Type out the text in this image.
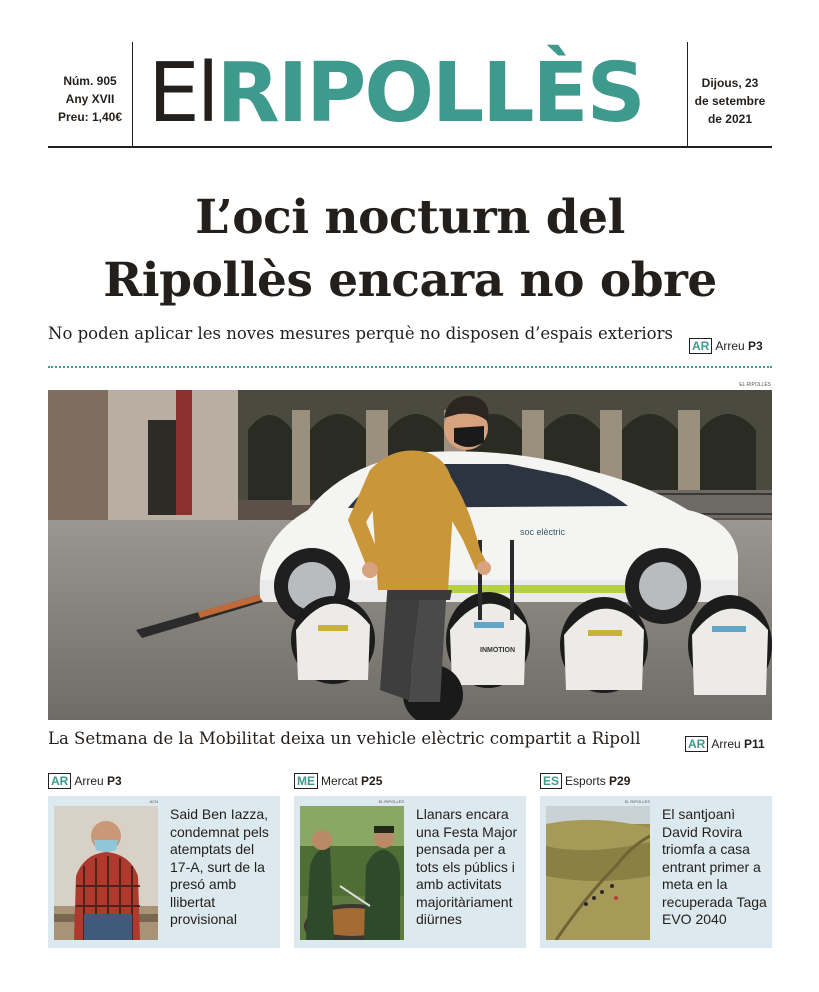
Núm. 905
Any XVII
Preu: 1,40€ ElRIPOLLÈS	Dijous, 23
de setembre
de 2021
L’oci nocturn del
Ripollès encara no obre
No poden aplicar les noves mesures perquè no disposen d’espais exteriors
AR Arreu P3
EL RIPOLLÈS
soc elèctric
INMOTION
La Setmana de la Mobilitat deixa un vehicle elèctric compartit a Ripoll	AR Arreu P11
AR Arreu P3
ACN
Said Ben Iazza, condemnat pels atemptats del 17-A, surt de la presó amb llibertat provisional
ME Mercat P25
EL RIPOLLÈS
Llanars encara una Festa Major pensada per a tots els públics i amb activitats majoritàriament diürnes
ES Esports P29
EL RIPOLLÈS
El santjoanì David Rovira triomfa a casa entrant primer a meta en la recuperada Taga EVO 2040
